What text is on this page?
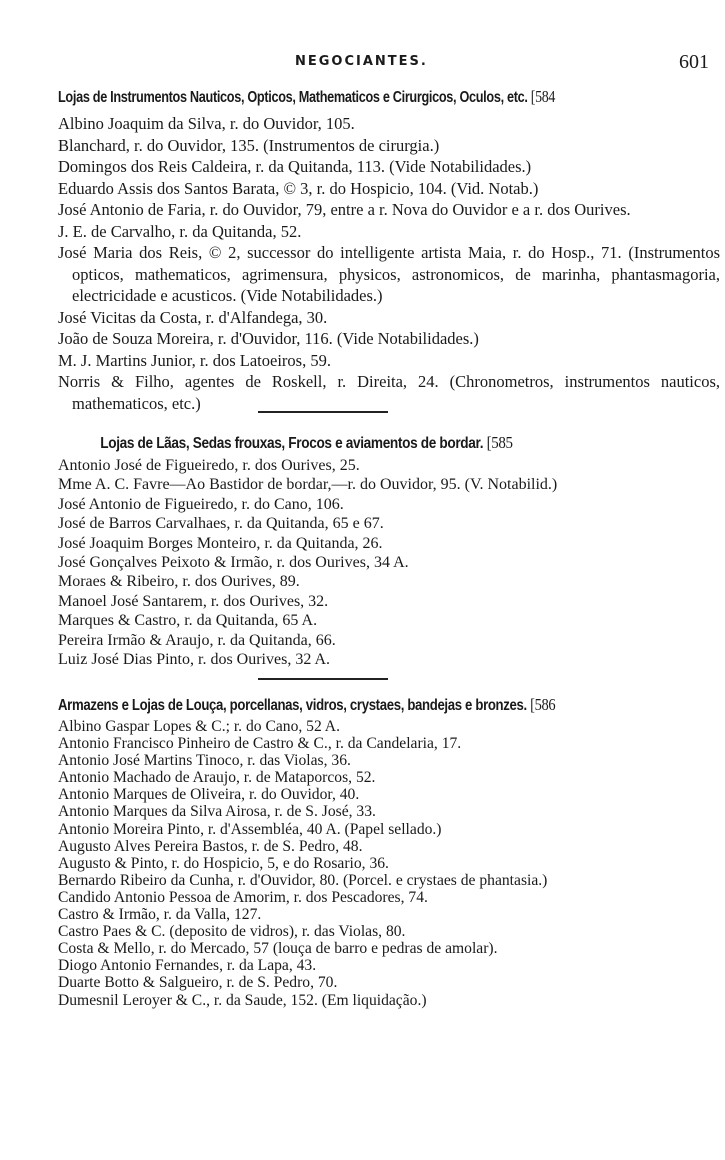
NEGOCIANTES.	601
Lojas de Instrumentos Nauticos, Opticos, Mathematicos e Cirurgicos, Oculos, etc. [584
Albino Joaquim da Silva, r. do Ouvidor, 105.
Blanchard, r. do Ouvidor, 135. (Instrumentos de cirurgia.)
Domingos dos Reis Caldeira, r. da Quitanda, 113. (Vide Notabilidades.)
Eduardo Assis dos Santos Barata, © 3, r. do Hospicio, 104. (Vid. Notab.)
José Antonio de Faria, r. do Ouvidor, 79, entre a r. Nova do Ouvidor e a r. dos Ourives.
J. E. de Carvalho, r. da Quitanda, 52.
José Maria dos Reis, © 2, successor do intelligente artista Maia, r. do Hosp., 71. (Instrumentos opticos, mathematicos, agrimensura, physicos, astronomicos, de marinha, phantasmagoria, electricidade e acusticos. (Vide Notabilidades.)
José Vicitas da Costa, r. d'Alfandega, 30.
João de Souza Moreira, r. d'Ouvidor, 116. (Vide Notabilidades.)
M. J. Martins Junior, r. dos Latoeiros, 59.
Norris & Filho, agentes de Roskell, r. Direita, 24. (Chronometros, instrumentos nauticos, mathematicos, etc.)
Lojas de Lãas, Sedas frouxas, Frocos e aviamentos de bordar. [585
Antonio José de Figueiredo, r. dos Ourives, 25.
Mme A. C. Favre—Ao Bastidor de bordar,—r. do Ouvidor, 95. (V. Notabilid.)
José Antonio de Figueiredo, r. do Cano, 106.
José de Barros Carvalhaes, r. da Quitanda, 65 e 67.
José Joaquim Borges Monteiro, r. da Quitanda, 26.
José Gonçalves Peixoto & Irmão, r. dos Ourives, 34 A.
Moraes & Ribeiro, r. dos Ourives, 89.
Manoel José Santarem, r. dos Ourives, 32.
Marques & Castro, r. da Quitanda, 65 A.
Pereira Irmão & Araujo, r. da Quitanda, 66.
Luiz José Dias Pinto, r. dos Ourives, 32 A.
Armazens e Lojas de Louça, porcellanas, vidros, crystaes, bandejas e bronzes. [586
Albino Gaspar Lopes & C.; r. do Cano, 52 A.
Antonio Francisco Pinheiro de Castro & C., r. da Candelaria, 17.
Antonio José Martins Tinoco, r. das Violas, 36.
Antonio Machado de Araujo, r. de Mataporcos, 52.
Antonio Marques de Oliveira, r. do Ouvidor, 40.
Antonio Marques da Silva Airosa, r. de S. José, 33.
Antonio Moreira Pinto, r. d'Assembléa, 40 A. (Papel sellado.)
Augusto Alves Pereira Bastos, r. de S. Pedro, 48.
Augusto & Pinto, r. do Hospicio, 5, e do Rosario, 36.
Bernardo Ribeiro da Cunha, r. d'Ouvidor, 80. (Porcel. e crystaes de phantasia.)
Candido Antonio Pessoa de Amorim, r. dos Pescadores, 74.
Castro & Irmão, r. da Valla, 127.
Castro Paes & C. (deposito de vidros), r. das Violas, 80.
Costa & Mello, r. do Mercado, 57 (louça de barro e pedras de amolar).
Diogo Antonio Fernandes, r. da Lapa, 43.
Duarte Botto & Salgueiro, r. de S. Pedro, 70.
Dumesnil Leroyer & C., r. da Saude, 152. (Em liquidação.)
